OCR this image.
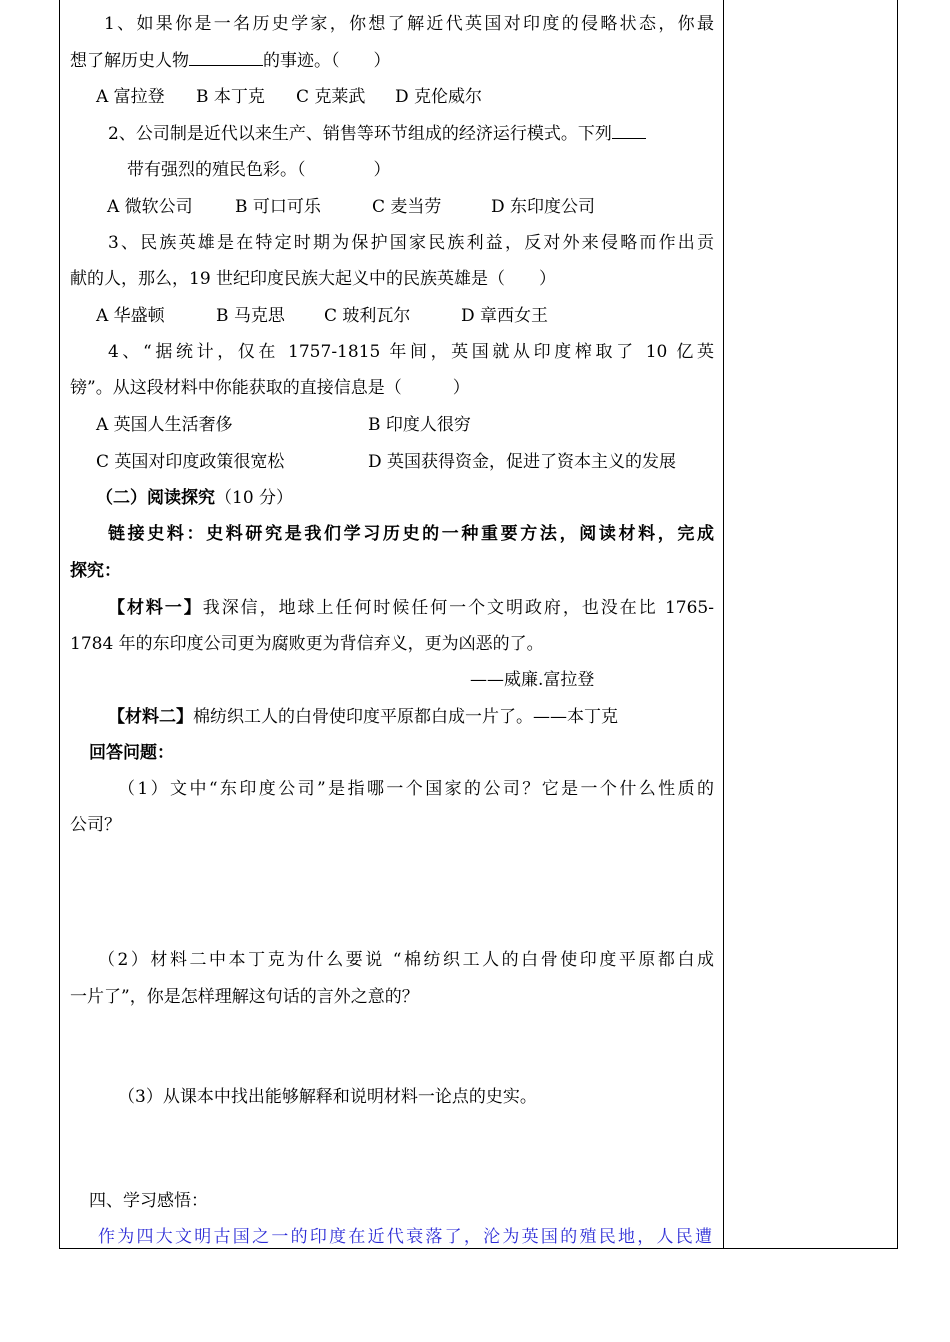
1、如果你是一名历史学家，你想了解近代英国对印度的侵略状态，你最
想了解历史人物	的事迹。（　　）
A 富拉登 B 本丁克 C 克莱武 D 克伦威尔
2、公司制是近代以来生产、销售等环节组成的经济运行模式。下列
带有强烈的殖民色彩。（　　　　）
A 微软公司 B 可口可乐	C 麦当劳	D 东印度公司
3、民族英雄是在特定时期为保护国家民族利益，反对外来侵略而作出贡
献的人，那么，19 世纪印度民族大起义中的民族英雄是（　　）
A 华盛顿	B 马克思 C 玻利瓦尔	D 章西女王
4、“据统计，仅在 1757-1815 年间，英国就从印度榨取了 10 亿英
镑”。从这段材料中你能获取的直接信息是（　　　）
A 英国人生活奢侈	B 印度人很穷
C 英国对印度政策很宽松	D 英国获得资金，促进了资本主义的发展
（二）阅读探究（10 分）
链接史料：史料研究是我们学习历史的一种重要方法，阅读材料，完成
探究：
【材料一】我深信，地球上任何时候任何一个文明政府，也没在比 1765-
1784 年的东印度公司更为腐败更为背信弃义，更为凶恶的了。
——威廉.富拉登
【材料二】棉纺织工人的白骨使印度平原都白成一片了。——本丁克
回答问题：
（1）文中“东印度公司”是指哪一个国家的公司？它是一个什么性质的
公司？
（2）材料二中本丁克为什么要说 “棉纺织工人的白骨使印度平原都白成
一片了”，你是怎样理解这句话的言外之意的？
（3）从课本中找出能够解释和说明材料一论点的史实。
四、学习感悟：
作为四大文明古国之一的印度在近代衰落了，沦为英国的殖民地，人民遭
